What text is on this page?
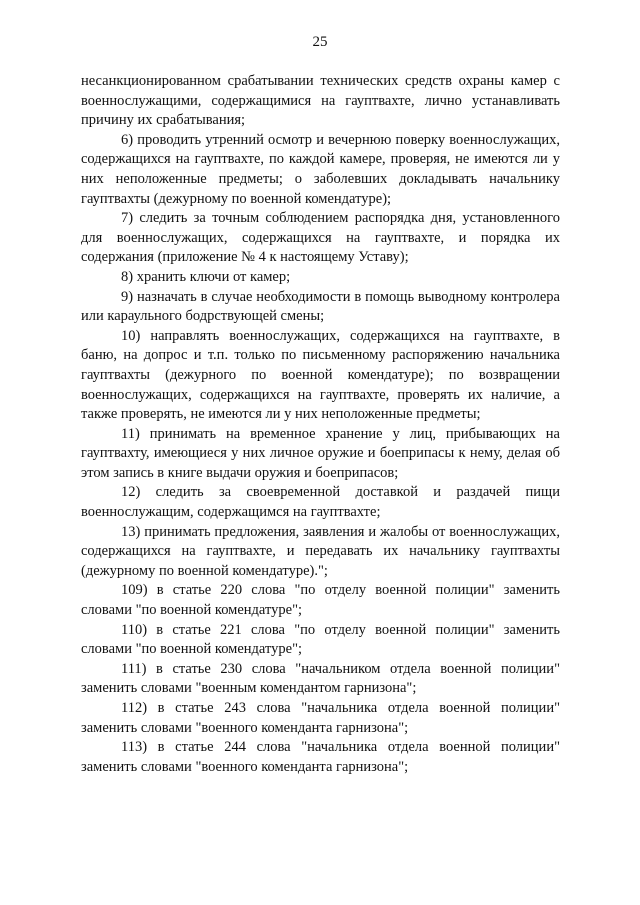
25

несанкционированном срабатывании технических средств охраны камер с военнослужащими, содержащимися на гауптвахте, лично устанавливать причину их срабатывания;

6) проводить утренний осмотр и вечернюю поверку военнослужащих, содержащихся на гауптвахте, по каждой камере, проверяя, не имеются ли у них неположенные предметы; о заболевших докладывать начальнику гауптвахты (дежурному по военной комендатуре);

7) следить за точным соблюдением распорядка дня, установленного для военнослужащих, содержащихся на гауптвахте, и порядка их содержания (приложение № 4 к настоящему Уставу);

8) хранить ключи от камер;

9) назначать в случае необходимости в помощь выводному контролера или караульного бодрствующей смены;

10) направлять военнослужащих, содержащихся на гауптвахте, в баню, на допрос и т.п. только по письменному распоряжению начальника гауптвахты (дежурного по военной комендатуре); по возвращении военнослужащих, содержащихся на гауптвахте, проверять их наличие, а также проверять, не имеются ли у них неположенные предметы;

11) принимать на временное хранение у лиц, прибывающих на гауптвахту, имеющиеся у них личное оружие и боеприпасы к нему, делая об этом запись в книге выдачи оружия и боеприпасов;

12) следить за своевременной доставкой и раздачей пищи военнослужащим, содержащимся на гауптвахте;

13) принимать предложения, заявления и жалобы от военнослужащих, содержащихся на гауптвахте, и передавать их начальнику гауптвахты (дежурному по военной комендатуре).";

109) в статье 220 слова "по отделу военной полиции" заменить словами "по военной комендатуре";

110) в статье 221 слова "по отделу военной полиции" заменить словами "по военной комендатуре";

111) в статье 230 слова "начальником отдела военной полиции" заменить словами "военным комендантом гарнизона";

112) в статье 243 слова "начальника отдела военной полиции" заменить словами "военного коменданта гарнизона";

113) в статье 244 слова "начальника отдела военной полиции" заменить словами "военного коменданта гарнизона";
